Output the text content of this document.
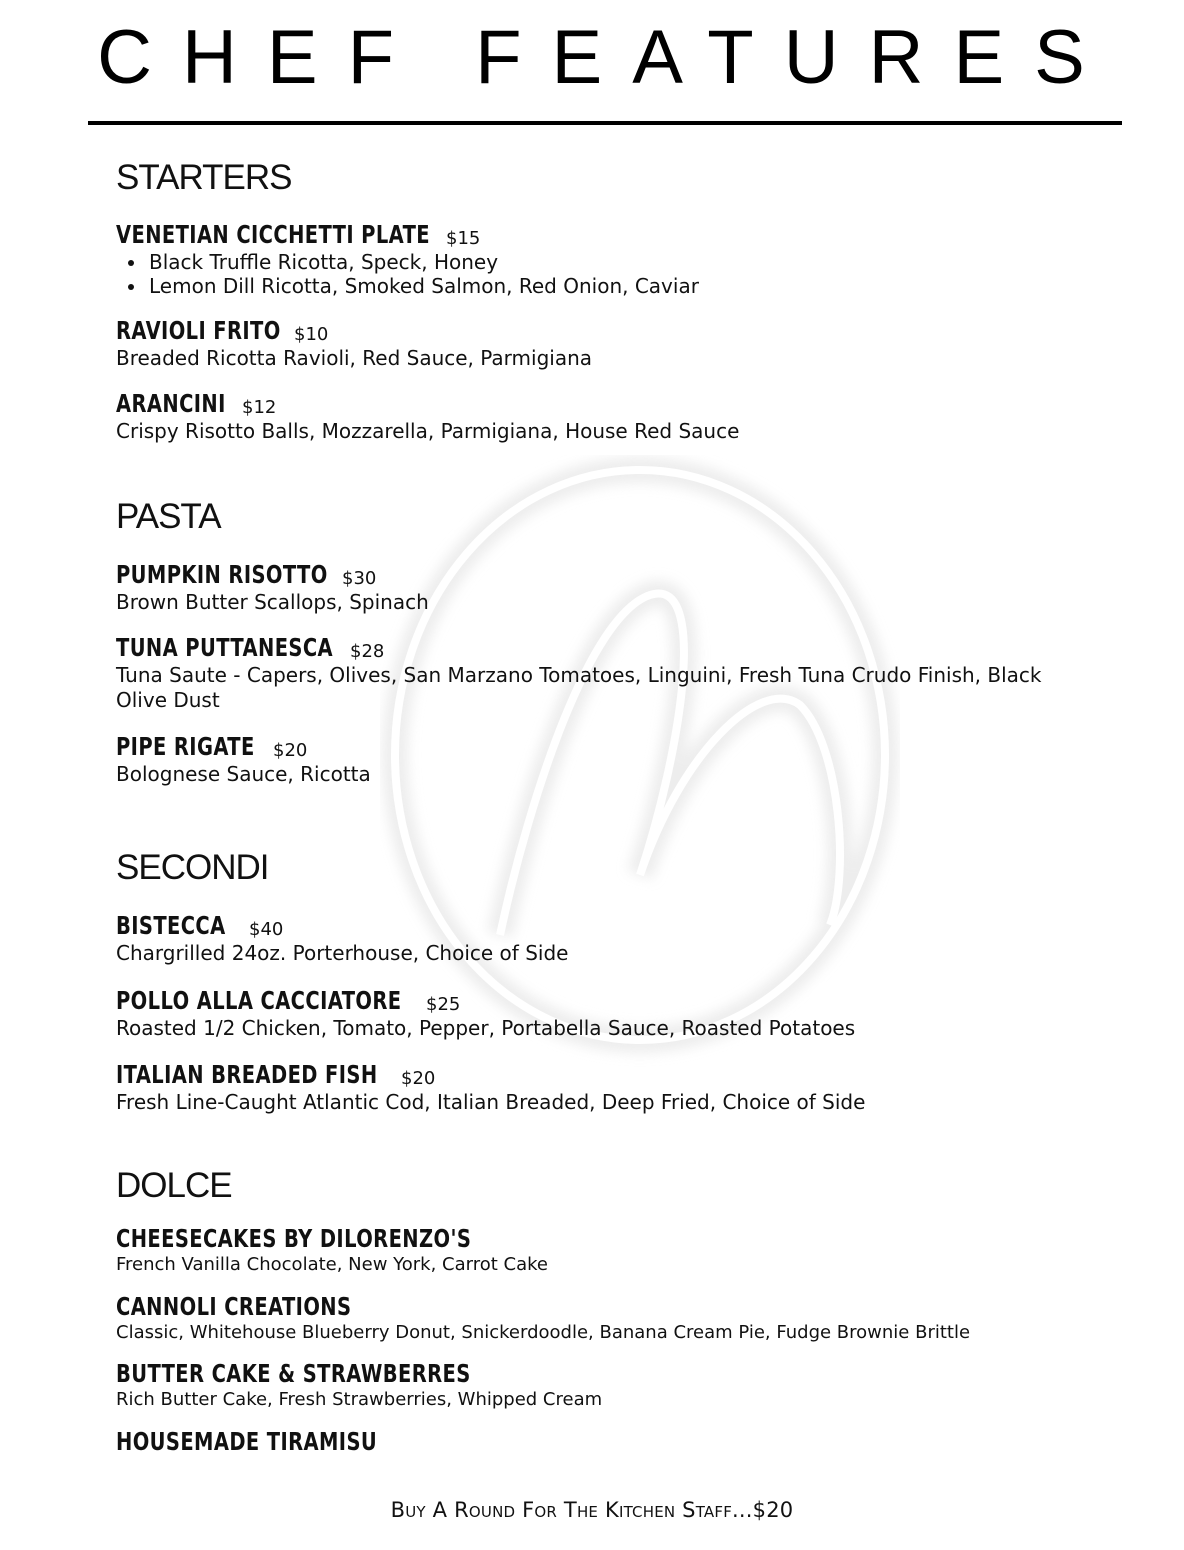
CHEF FEATURES
STARTERS
VENETIAN CICCHETTI PLATE $15
• Black Truffle Ricotta, Speck, Honey
• Lemon Dill Ricotta, Smoked Salmon, Red Onion, Caviar
RAVIOLI FRITO $10
Breaded Ricotta Ravioli, Red Sauce, Parmigiana
ARANCINI $12
Crispy Risotto Balls, Mozzarella, Parmigiana, House Red Sauce
PASTA
PUMPKIN RISOTTO $30
Brown Butter Scallops, Spinach
TUNA PUTTANESCA $28
Tuna Saute - Capers, Olives, San Marzano Tomatoes, Linguini, Fresh Tuna Crudo Finish, Black Olive Dust
PIPE RIGATE $20
Bolognese Sauce, Ricotta
SECONDI
BISTECCA $40
Chargrilled 24oz. Porterhouse, Choice of Side
POLLO ALLA CACCIATORE $25
Roasted 1/2 Chicken, Tomato, Pepper, Portabella Sauce, Roasted Potatoes
ITALIAN BREADED FISH $20
Fresh Line-Caught Atlantic Cod, Italian Breaded, Deep Fried, Choice of Side
DOLCE
CHEESECAKES BY DILORENZO'S
French Vanilla Chocolate, New York, Carrot Cake
CANNOLI CREATIONS
Classic, Whitehouse Blueberry Donut, Snickerdoodle, Banana Cream Pie, Fudge Brownie Brittle
BUTTER CAKE & STRAWBERRES
Rich Butter Cake, Fresh Strawberries, Whipped Cream
HOUSEMADE TIRAMISU
Buy A Round For The Kitchen Staff...$20
